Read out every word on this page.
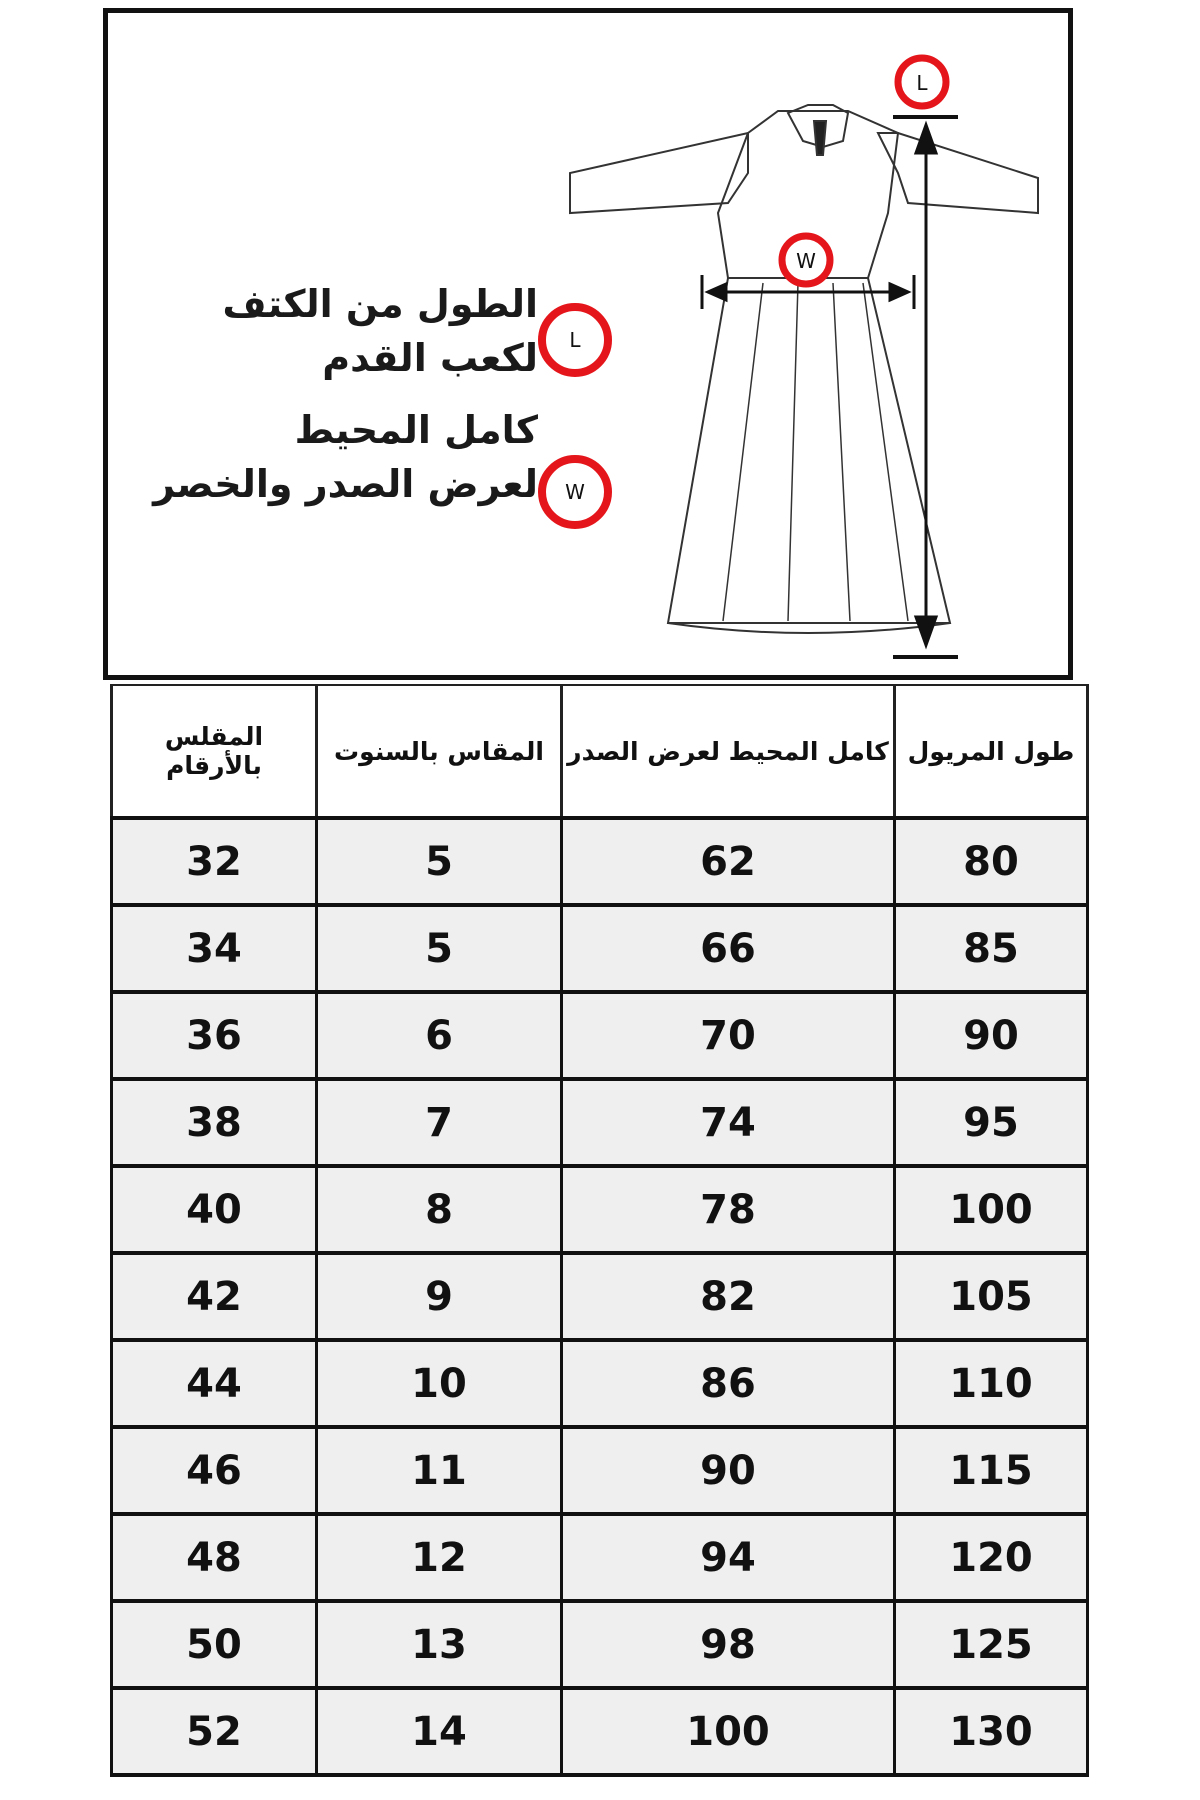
L
W
الطول من الكتف
لكعب القدم L
كامل المحيط
لعرض الصدر والخصر W
طول المريول	كامل المحيط لعرض الصدر	المقاس بالسنوت	المقلس بالأرقام
80	62	5	32
85	66	5	34
90	70	6	36
95	74	7	38
100	78	8	40
105	82	9	42
110	86	10	44
115	90	11	46
120	94	12	48
125	98	13	50
130	100	14	52
